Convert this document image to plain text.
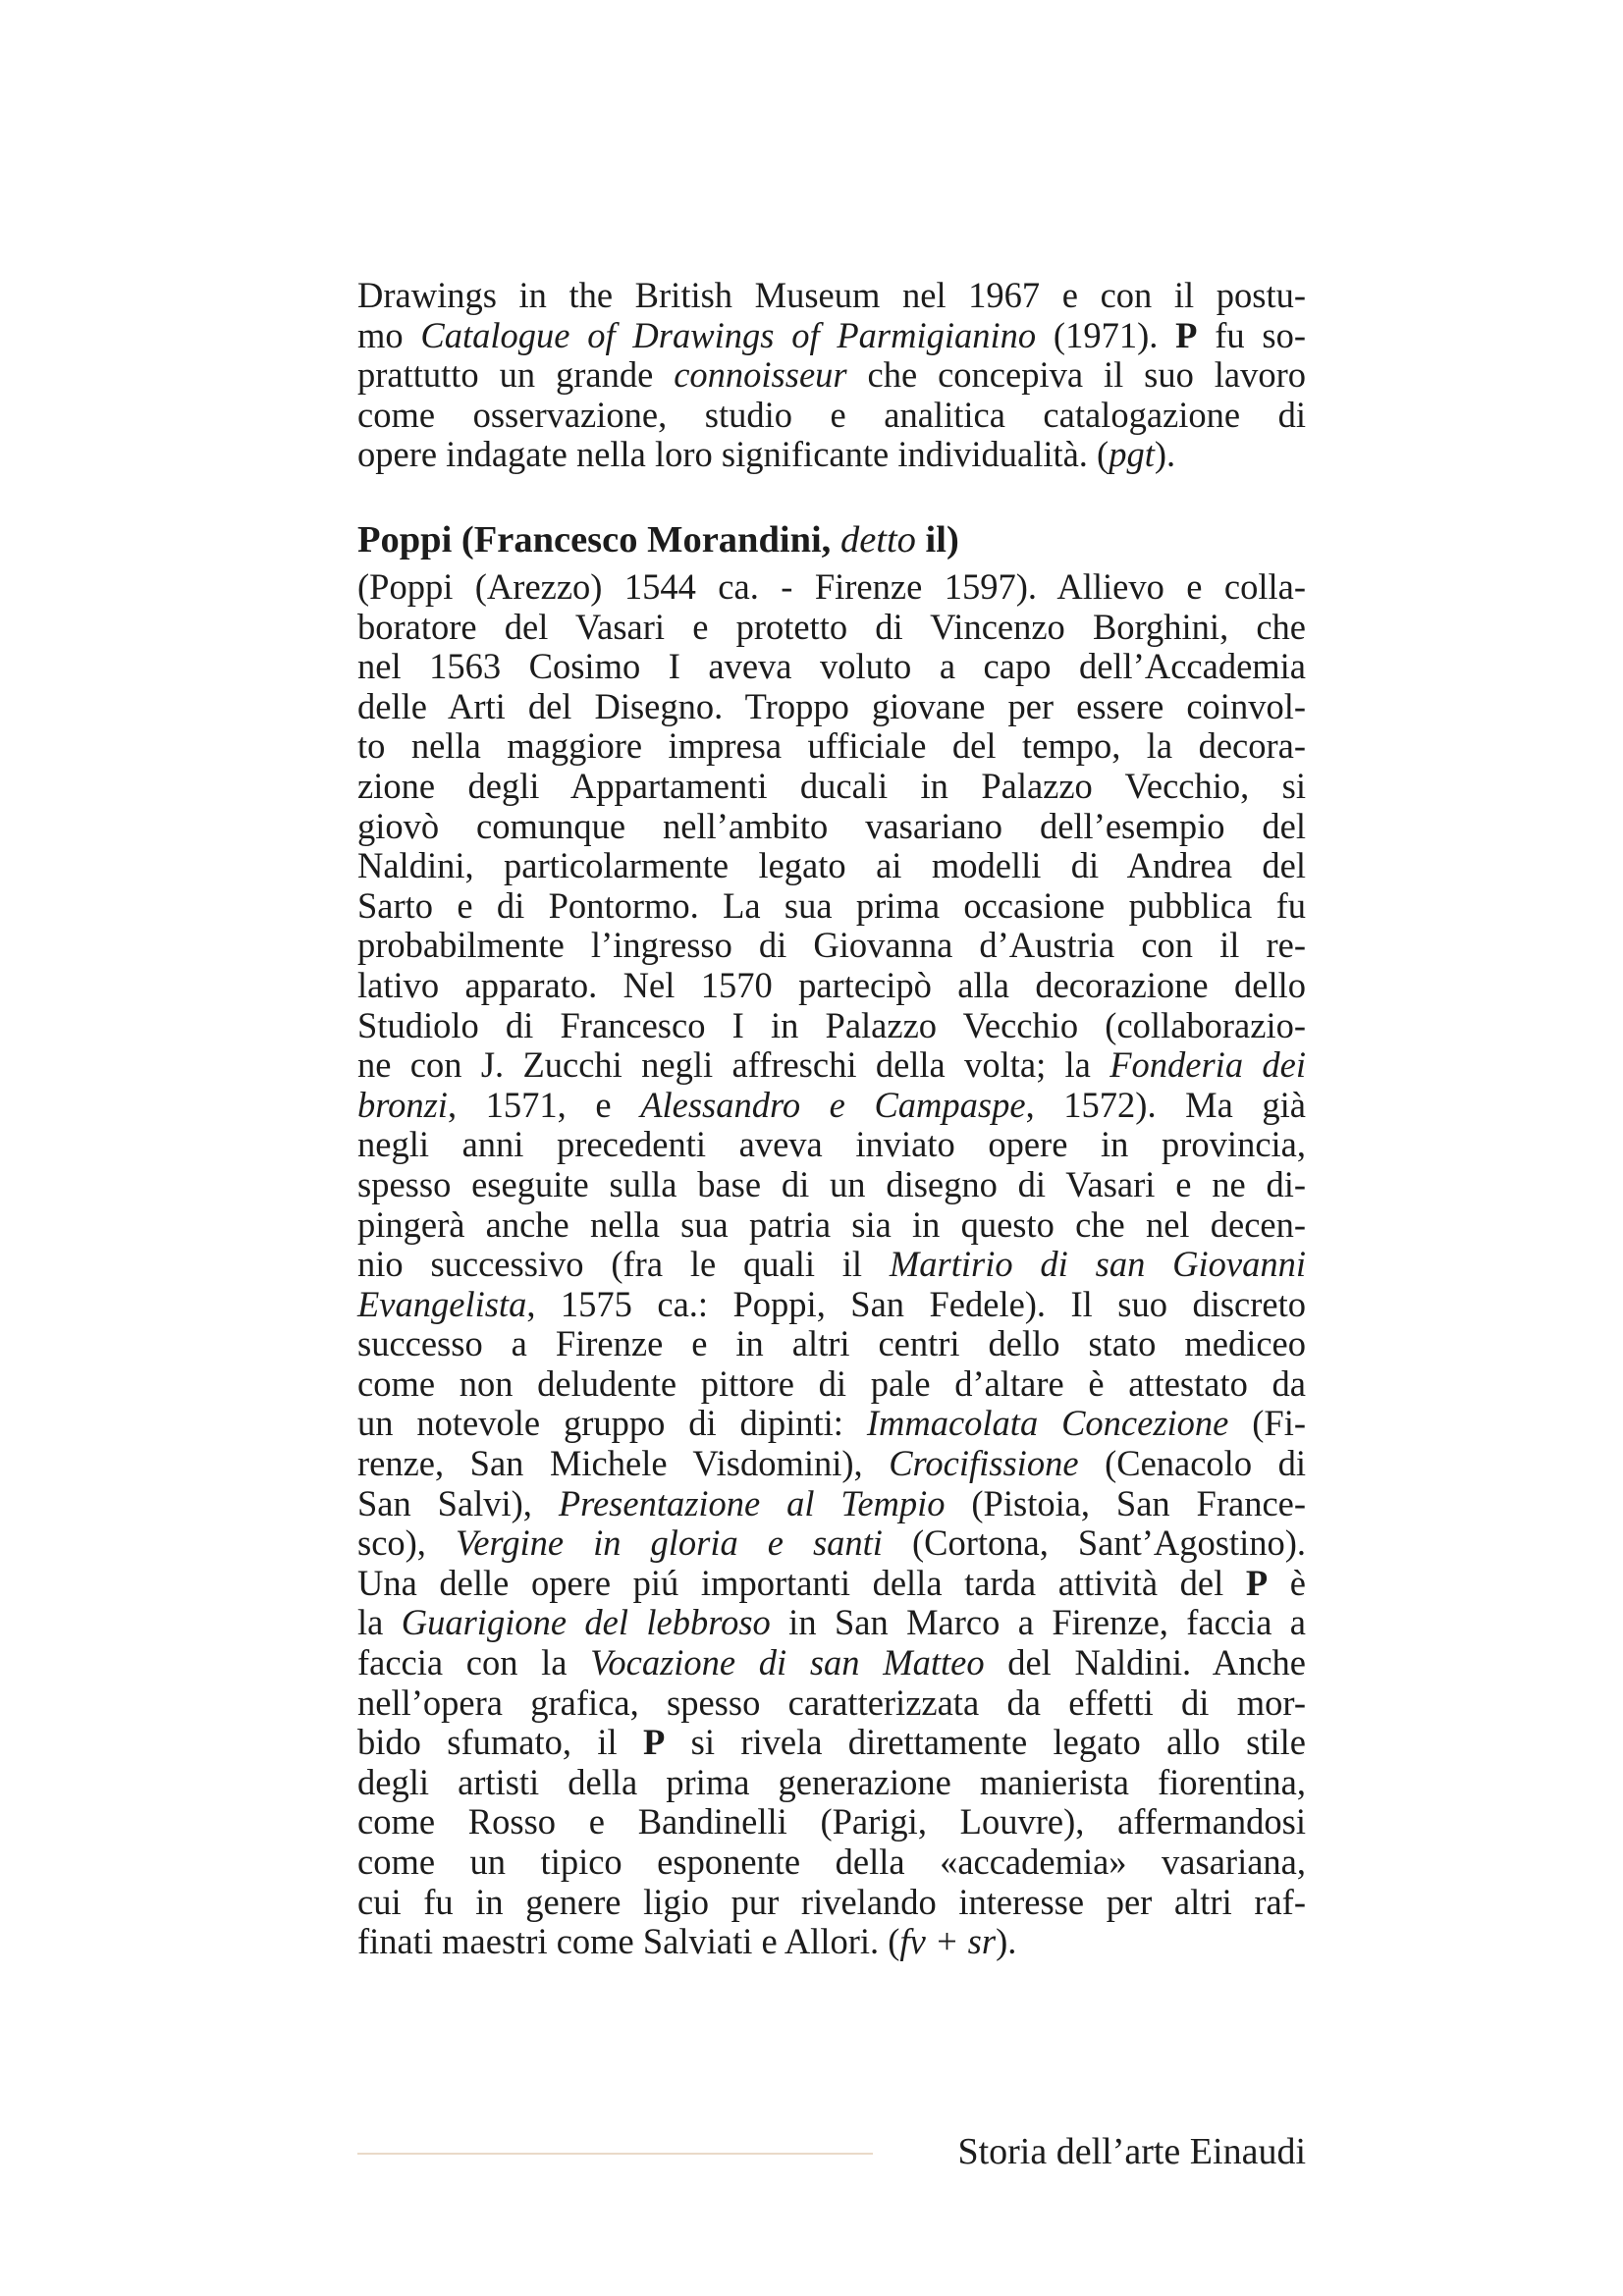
Drawings in the British Museum nel 1967 e con il postu-
mo Catalogue of Drawings of Parmigianino (1971). P fu so-
prattutto un grande connoisseur che concepiva il suo lavoro
come osservazione, studio e analitica catalogazione di
opere indagate nella loro significante individualità. (pgt).
Poppi (Francesco Morandini, detto il)
(Poppi (Arezzo) 1544 ca. - Firenze 1597). Allievo e colla-
boratore del Vasari e protetto di Vincenzo Borghini, che
nel 1563 Cosimo I aveva voluto a capo dell’Accademia
delle Arti del Disegno. Troppo giovane per essere coinvol-
to nella maggiore impresa ufficiale del tempo, la decora-
zione degli Appartamenti ducali in Palazzo Vecchio, si
giovò comunque nell’ambito vasariano dell’esempio del
Naldini, particolarmente legato ai modelli di Andrea del
Sarto e di Pontormo. La sua prima occasione pubblica fu
probabilmente l’ingresso di Giovanna d’Austria con il re-
lativo apparato. Nel 1570 partecipò alla decorazione dello
Studiolo di Francesco I in Palazzo Vecchio (collaborazio-
ne con J. Zucchi negli affreschi della volta; la Fonderia dei
bronzi, 1571, e Alessandro e Campaspe, 1572). Ma già
negli anni precedenti aveva inviato opere in provincia,
spesso eseguite sulla base di un disegno di Vasari e ne di-
pingerà anche nella sua patria sia in questo che nel decen-
nio successivo (fra le quali il Martirio di san Giovanni
Evangelista, 1575 ca.: Poppi, San Fedele). Il suo discreto
successo a Firenze e in altri centri dello stato mediceo
come non deludente pittore di pale d’altare è attestato da
un notevole gruppo di dipinti: Immacolata Concezione (Fi-
renze, San Michele Visdomini), Crocifissione (Cenacolo di
San Salvi), Presentazione al Tempio (Pistoia, San France-
sco), Vergine in gloria e santi (Cortona, Sant’Agostino).
Una delle opere piú importanti della tarda attività del P è
la Guarigione del lebbroso in San Marco a Firenze, faccia a
faccia con la Vocazione di san Matteo del Naldini. Anche
nell’opera grafica, spesso caratterizzata da effetti di mor-
bido sfumato, il P si rivela direttamente legato allo stile
degli artisti della prima generazione manierista fiorentina,
come Rosso e Bandinelli (Parigi, Louvre), affermandosi
come un tipico esponente della «accademia» vasariana,
cui fu in genere ligio pur rivelando interesse per altri raf-
finati maestri come Salviati e Allori. (fv + sr).
Storia dell’arte Einaudi
